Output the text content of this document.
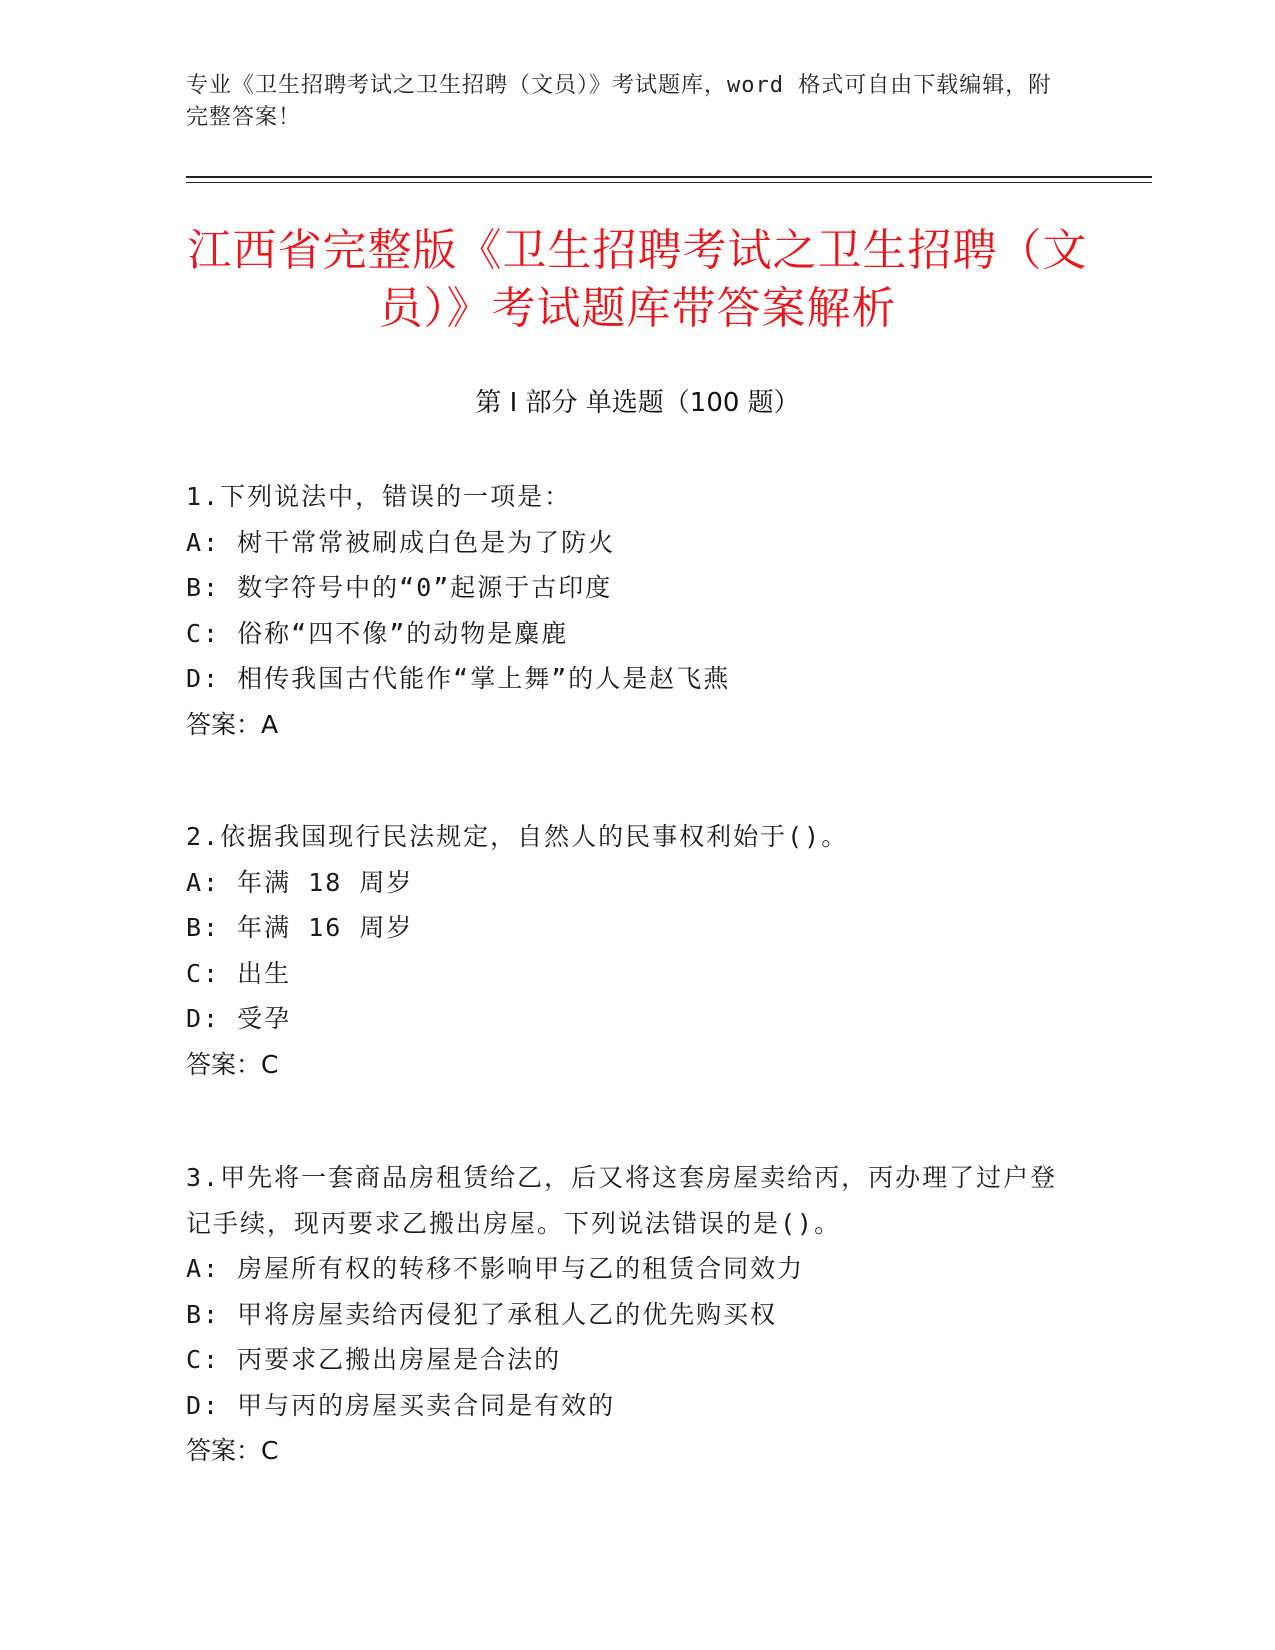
专业《卫生招聘考试之卫生招聘（文员）》考试题库，word 格式可自由下载编辑，附完整答案！
江西省完整版《卫生招聘考试之卫生招聘（文员）》考试题库带答案解析
第 I 部分 单选题（100 题）
1.下列说法中，错误的一项是：
A: 树干常常被刷成白色是为了防火
B: 数字符号中的“0”起源于古印度
C: 俗称“四不像”的动物是麋鹿
D: 相传我国古代能作“掌上舞”的人是赵飞燕
答案：A
2.依据我国现行民法规定，自然人的民事权利始于()。
A: 年满 18 周岁
B: 年满 16 周岁
C: 出生
D: 受孕
答案：C
3.甲先将一套商品房租赁给乙，后又将这套房屋卖给丙，丙办理了过户登记手续，现丙要求乙搬出房屋。下列说法错误的是()。
A: 房屋所有权的转移不影响甲与乙的租赁合同效力
B: 甲将房屋卖给丙侵犯了承租人乙的优先购买权
C: 丙要求乙搬出房屋是合法的
D: 甲与丙的房屋买卖合同是有效的
答案：C
